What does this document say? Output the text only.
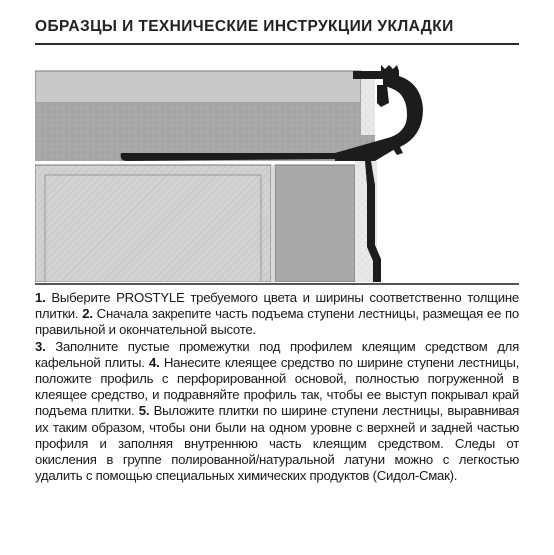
ОБРАЗЦЫ И ТЕХНИЧЕСКИЕ ИНСТРУКЦИИ УКЛАДКИ
1. Выберите PROSTYLE требуемого цвета и ширины соответственно толщине плитки. 2. Сначала закрепите часть подъема ступени лестницы, размещая ее по правильной и окончательной высоте.
3. Заполните пустые промежутки под профилем клеящим средством для кафельной плиты. 4. Нанесите клеящее средство по ширине ступени лестницы, положите профиль с перфорированной основой, полностью погруженной в клеящее средство, и подравняйте профиль так, чтобы ее выступ покрывал край подъема плитки. 5. Выложите плитки по ширине ступени лестницы, выравнивая их таким образом, чтобы они были на одном уровне с верхней и задней частью профиля и заполняя внутреннюю часть клеящим средством. Следы от окисления в группе полированной/натуральной латуни можно с легкостью удалить с помощью специальных химических продуктов (Сидол-Смак).
